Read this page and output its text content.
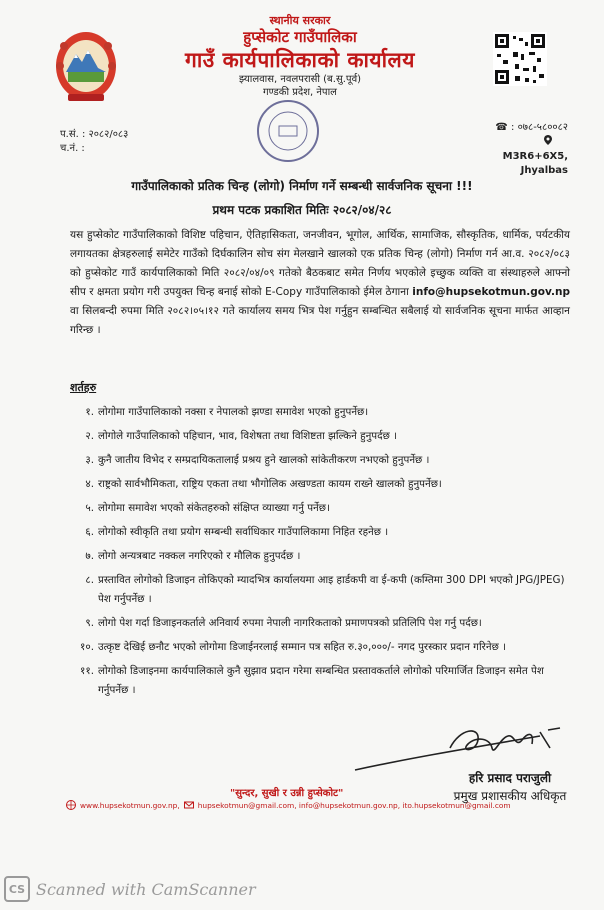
स्थानीय सरकार
हुप्सेकोट गाउँपालिका
गाउँ कार्यपालिकाको कार्यालय
झ्यालवास, नवलपरासी (ब.सु.पूर्व)
गण्डकी प्रदेश, नेपाल
प.सं. : २०८२/०८३
च.नं. :
☎ : ०७८-५८००८२
M3R6+6X5, Jhyalbas
गाउँपालिकाको प्रतिक चिन्ह (लोगो) निर्माण गर्ने सम्बन्धी सार्वजनिक सूचना !!!
प्रथम पटक प्रकाशित मितिः २०८२/०४/२८
यस हुप्सेकोट गाउँपालिकाको विशिष्ट पहिचान, ऐतिहासिकता, जनजीवन, भूगोल, आर्थिक, सामाजिक, सौस्कृतिक, धार्मिक, पर्यटकीय लगायतका क्षेत्रहरुलाई समेटेर गाउँको दिर्घकालिन सोच संग मेलखाने खालको एक प्रतिक चिन्ह (लोगो) निर्माण गर्न आ.व. २०८२/०८३ को हुप्सेकोट गाउँ कार्यपालिकाको मिति २०८२/०४/०९ गतेको बैठकबाट समेत निर्णय भएकोले इच्छुक व्यक्ति वा संस्थाहरुले आफ्नो सीप र क्षमता प्रयोग गरी उपयुक्त चिन्ह बनाई सोको E-Copy गाउँपालिकाको ईमेल ठेगाना info@hupsekotmun.gov.np वा सिलबन्दी रुपमा मिति २०८२।०५।१२ गते कार्यालय समय भित्र पेश गर्नुहुन सम्बन्धित सबैलाई यो सार्वजनिक सूचना मार्फत आव्हान गरिन्छ ।
शर्तहरु
१. लोगोमा गाउँपालिकाको नक्सा र नेपालको झण्डा समावेश भएको हुनुपर्नेछ।
२. लोगोले गाउँपालिकाको पहिचान, भाव, विशेषता तथा विशिष्टता झल्किने हुनुपर्दछ ।
३. कुनै जातीय विभेद र सम्प्रदायिकतालाई प्रश्रय हुने खालको सांकेतीकरण नभएको हुनुपर्नेछ ।
४. राष्ट्रको सार्वभौमिकता, राष्ट्रिय एकता तथा भौगोलिक अखण्डता कायम राख्ने खालको हुनुपर्नेछ।
५. लोगोमा समावेश भएको संकेतहरुको संक्षिप्त व्याख्या गर्नु पर्नेछ।
६. लोगोको स्वीकृति तथा प्रयोग सम्बन्धी सर्वाधिकार गाउँपालिकामा निहित रहनेछ ।
७. लोगो अन्यत्रबाट नक्कल नगरिएको र मौलिक हुनुपर्दछ ।
८. प्रस्तावित लोगोको डिजाइन तोकिएको म्यादभित्र कार्यालयमा आइ हार्डकपी वा ई-कपी (कम्तिमा 300 DPI भएको JPG/JPEG) पेश गर्नुपर्नेछ ।
९. लोगो पेश गर्दा डिजाइनकर्ताले अनिवार्य रुपमा नेपाली नागरिकताको प्रमाणपत्रको प्रतिलिपि पेश गर्नु पर्दछ।
१०. उत्कृष्ट देखिई छनौट भएको लोगोमा डिजाईनरलाई सम्मान पत्र सहित रु.३०,०००/- नगद पुरस्कार प्रदान गरिनेछ ।
११. लोगोको डिजाइनमा कार्यपालिकाले कुनै सुझाव प्रदान गरेमा सम्बन्धित प्रस्तावकर्ताले लोगोको परिमार्जित डिजाइन समेत पेश गर्नुपर्नेछ ।
हरि प्रसाद पराजुली
प्रमुख प्रशासकीय अधिकृत
"सुन्दर, सुखी र उन्नी हुप्सेकोट"
www.hupsekotmun.gov.np, hupsekotmun@gmail.com, info@hupsekotmun.gov.np, ito.hupsekotmun@gmail.com
CS Scanned with CamScanner
